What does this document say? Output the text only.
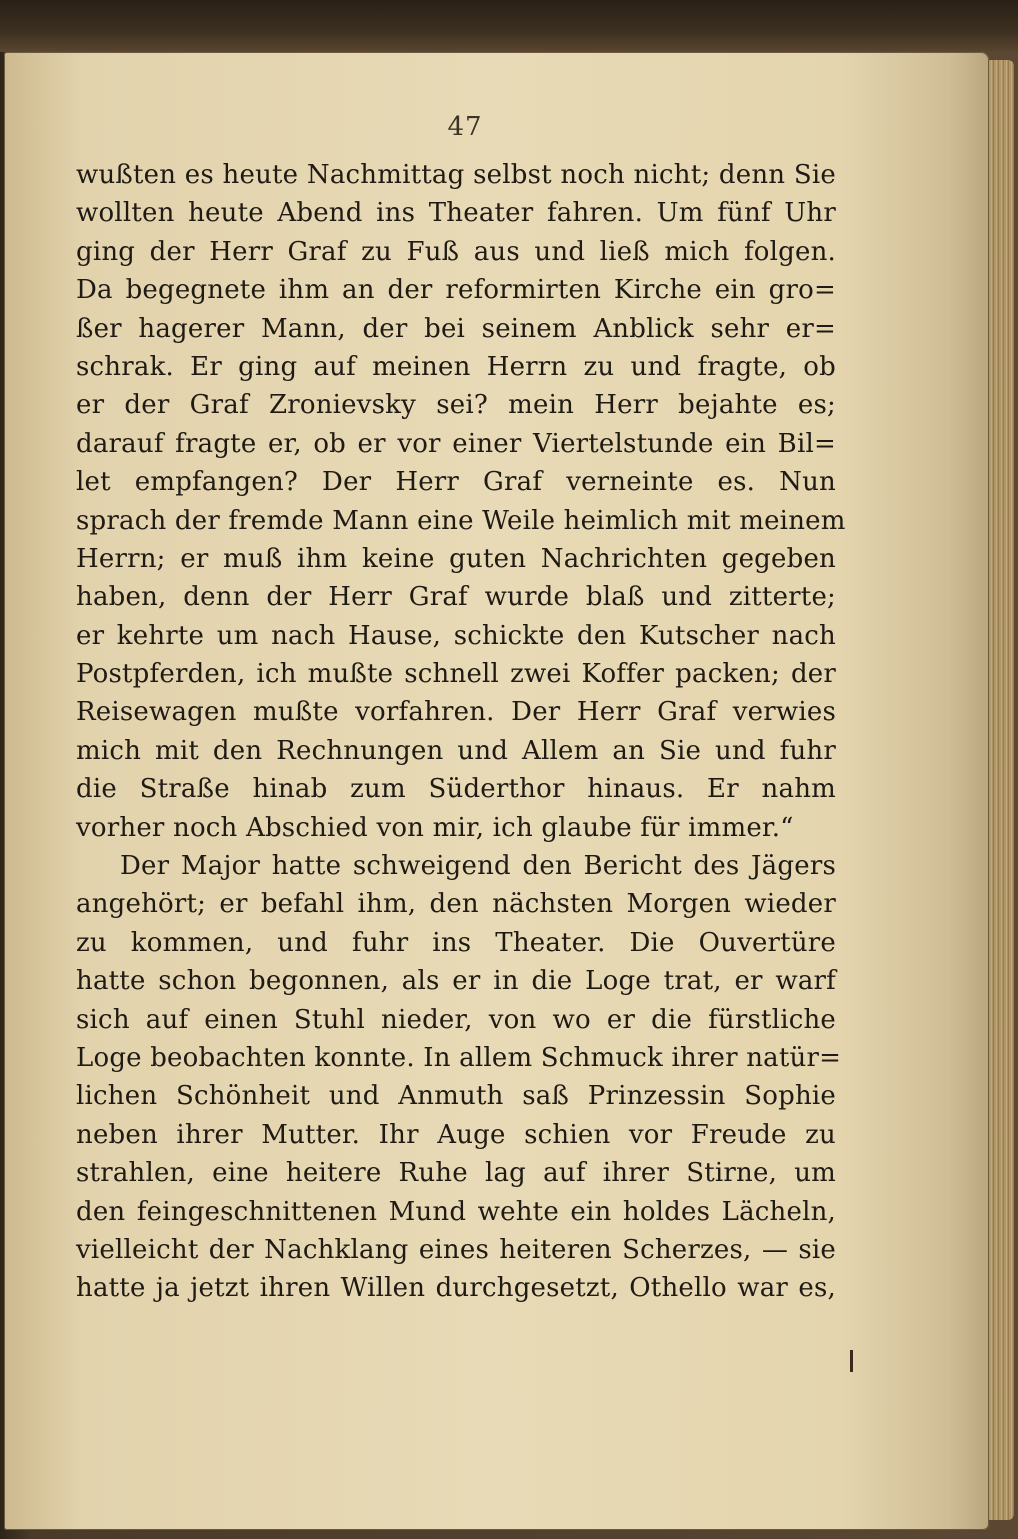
47
wußten es heute Nachmittag selbst noch nicht; denn Sie
wollten heute Abend ins Theater fahren. Um fünf Uhr
ging der Herr Graf zu Fuß aus und ließ mich folgen.
Da begegnete ihm an der reformirten Kirche ein gro=
ßer hagerer Mann, der bei seinem Anblick sehr er=
schrak. Er ging auf meinen Herrn zu und fragte, ob
er der Graf Zronievsky sei? mein Herr bejahte es;
darauf fragte er, ob er vor einer Viertelstunde ein Bil=
let empfangen? Der Herr Graf verneinte es. Nun
sprach der fremde Mann eine Weile heimlich mit meinem
Herrn; er muß ihm keine guten Nachrichten gegeben
haben, denn der Herr Graf wurde blaß und zitterte;
er kehrte um nach Hause, schickte den Kutscher nach
Postpferden, ich mußte schnell zwei Koffer packen; der
Reisewagen mußte vorfahren. Der Herr Graf verwies
mich mit den Rechnungen und Allem an Sie und fuhr
die Straße hinab zum Süderthor hinaus. Er nahm
vorher noch Abschied von mir, ich glaube für immer.“
Der Major hatte schweigend den Bericht des Jägers
angehört; er befahl ihm, den nächsten Morgen wieder
zu kommen, und fuhr ins Theater. Die Ouvertüre
hatte schon begonnen, als er in die Loge trat, er warf
sich auf einen Stuhl nieder, von wo er die fürstliche
Loge beobachten konnte. In allem Schmuck ihrer natür=
lichen Schönheit und Anmuth saß Prinzessin Sophie
neben ihrer Mutter. Ihr Auge schien vor Freude zu
strahlen, eine heitere Ruhe lag auf ihrer Stirne, um
den feingeschnittenen Mund wehte ein holdes Lächeln,
vielleicht der Nachklang eines heiteren Scherzes, — sie
hatte ja jetzt ihren Willen durchgesetzt, Othello war es,
